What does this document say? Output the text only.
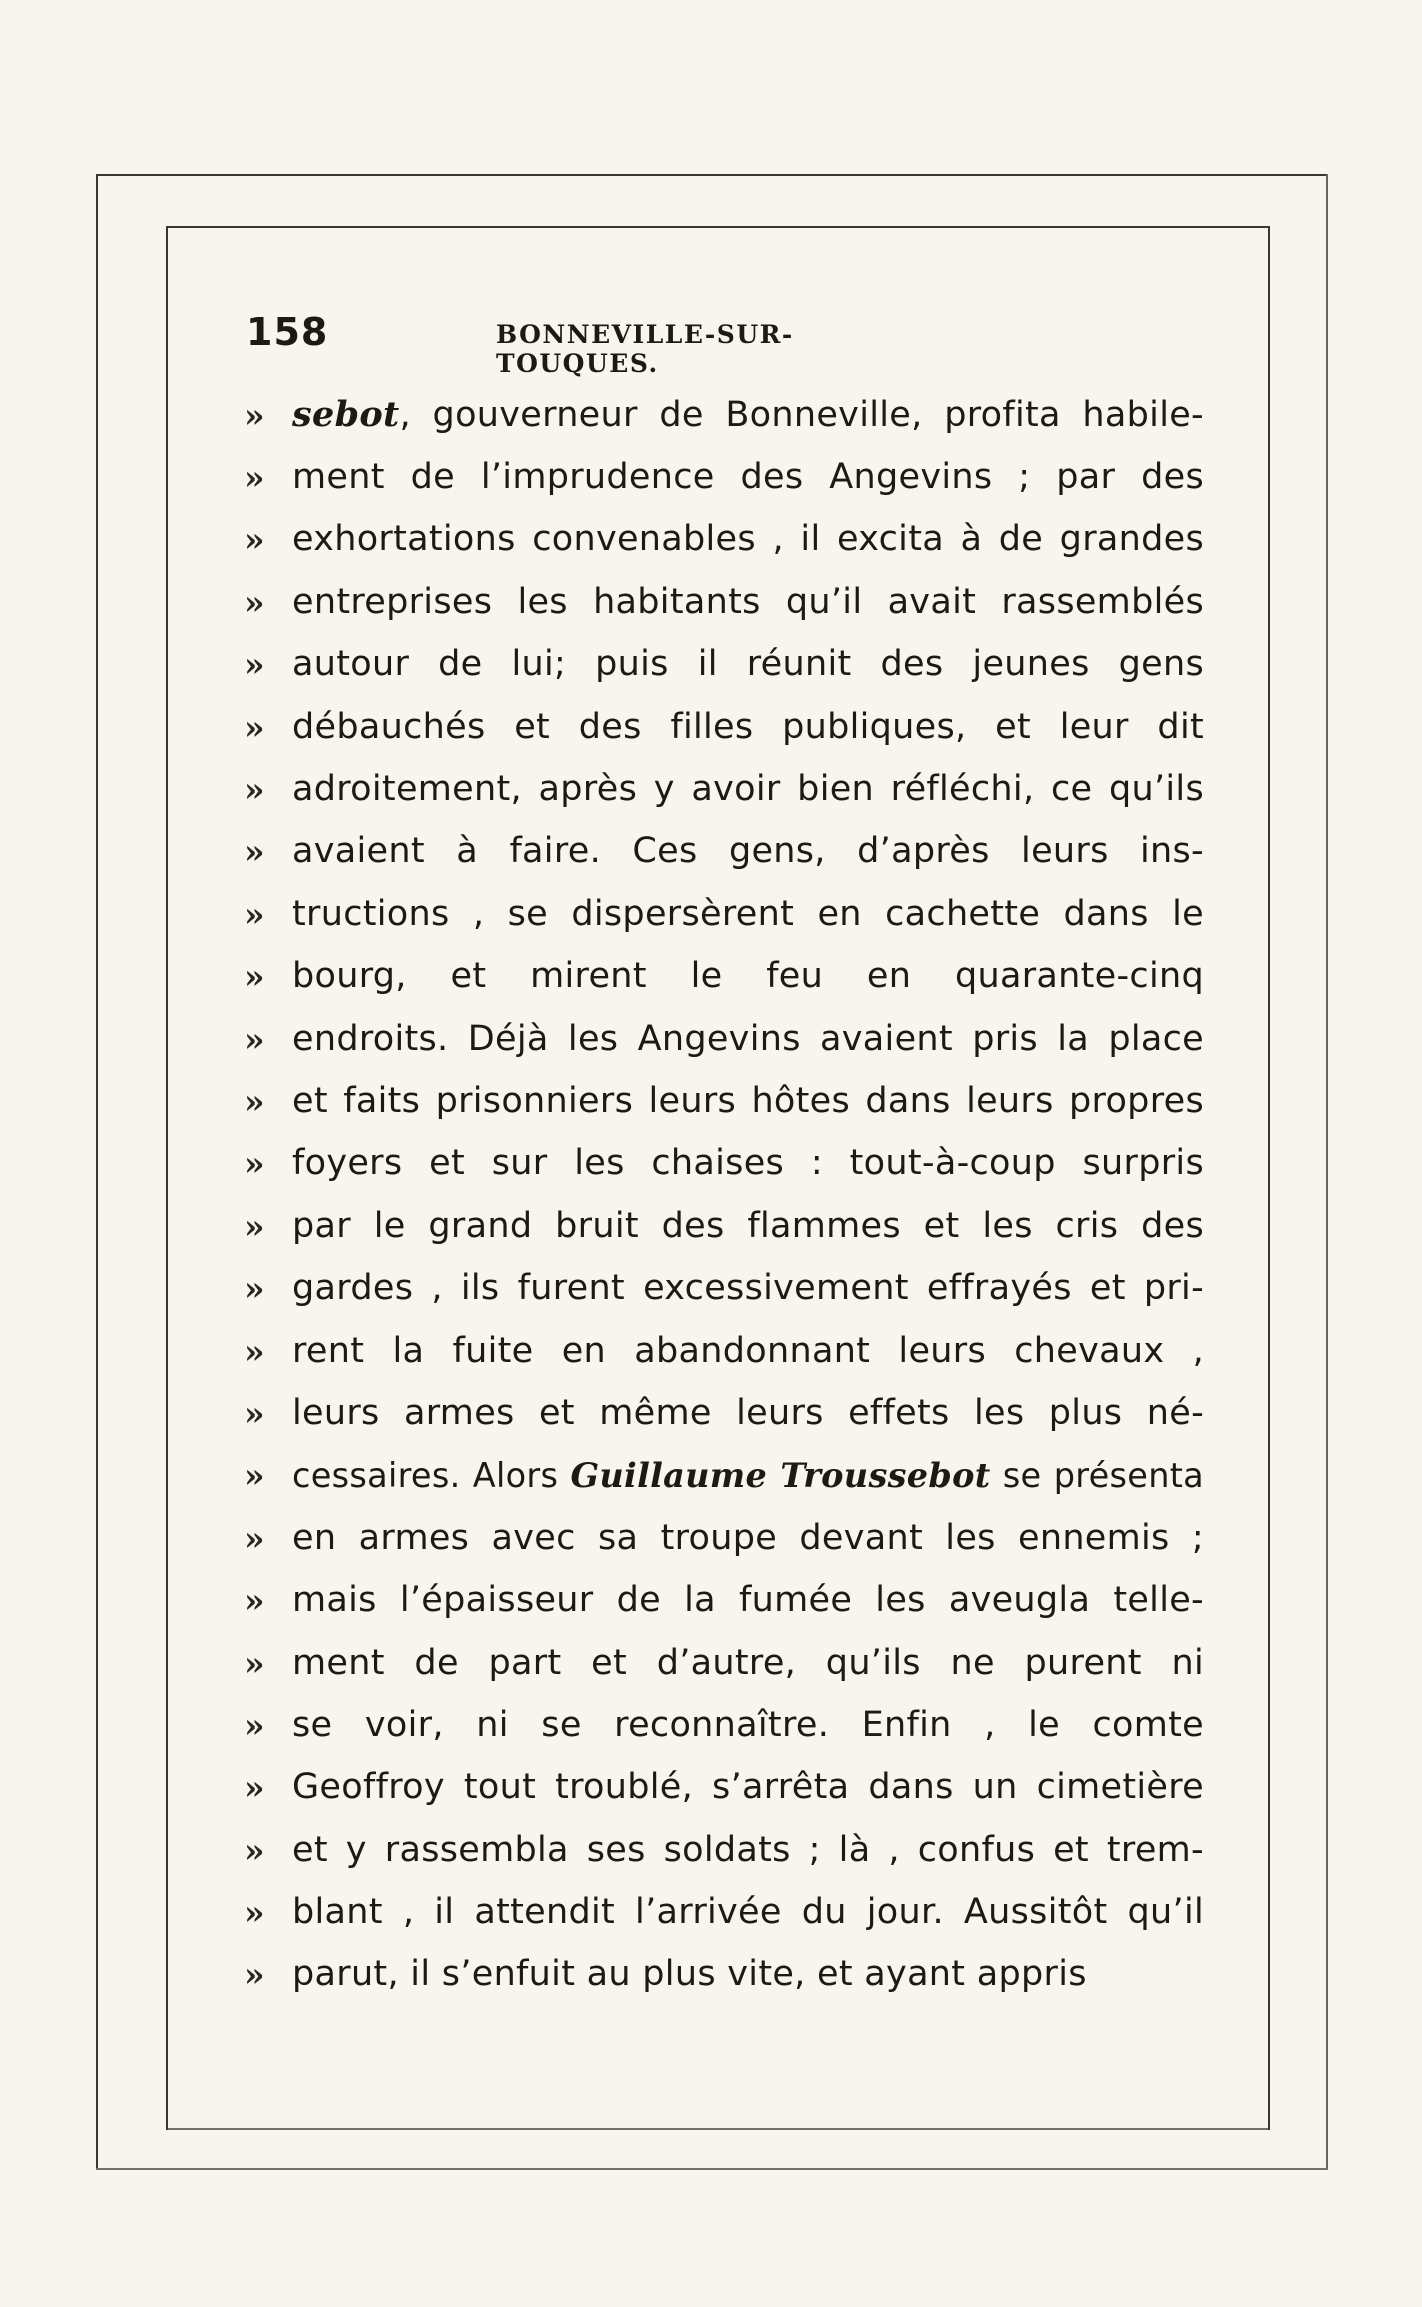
158	BONNEVILLE-SUR-TOUQUES.
» sebot, gouverneur de Bonneville, profita habile-
» ment de l’imprudence des Angevins ; par des
» exhortations convenables , il excita à de grandes
» entreprises les habitants qu’il avait rassemblés
» autour de lui; puis il réunit des jeunes gens
» débauchés et des filles publiques, et leur dit
» adroitement, après y avoir bien réfléchi, ce qu’ils
» avaient à faire. Ces gens, d’après leurs ins-
» tructions , se dispersèrent en cachette dans le
» bourg, et mirent le feu en quarante-cinq
» endroits. Déjà les Angevins avaient pris la place
» et faits prisonniers leurs hôtes dans leurs propres
» foyers et sur les chaises : tout-à-coup surpris
» par le grand bruit des flammes et les cris des
» gardes , ils furent excessivement effrayés et pri-
» rent la fuite en abandonnant leurs chevaux ,
» leurs armes et même leurs effets les plus né-
» cessaires. Alors Guillaume Troussebot se présenta
» en armes avec sa troupe devant les ennemis ;
» mais l’épaisseur de la fumée les aveugla telle-
» ment de part et d’autre, qu’ils ne purent ni
» se voir, ni se reconnaître. Enfin , le comte
» Geoffroy tout troublé, s’arrêta dans un cimetière
» et y rassembla ses soldats ; là , confus et trem-
» blant , il attendit l’arrivée du jour. Aussitôt qu’il
» parut, il s’enfuit au plus vite, et ayant appris
